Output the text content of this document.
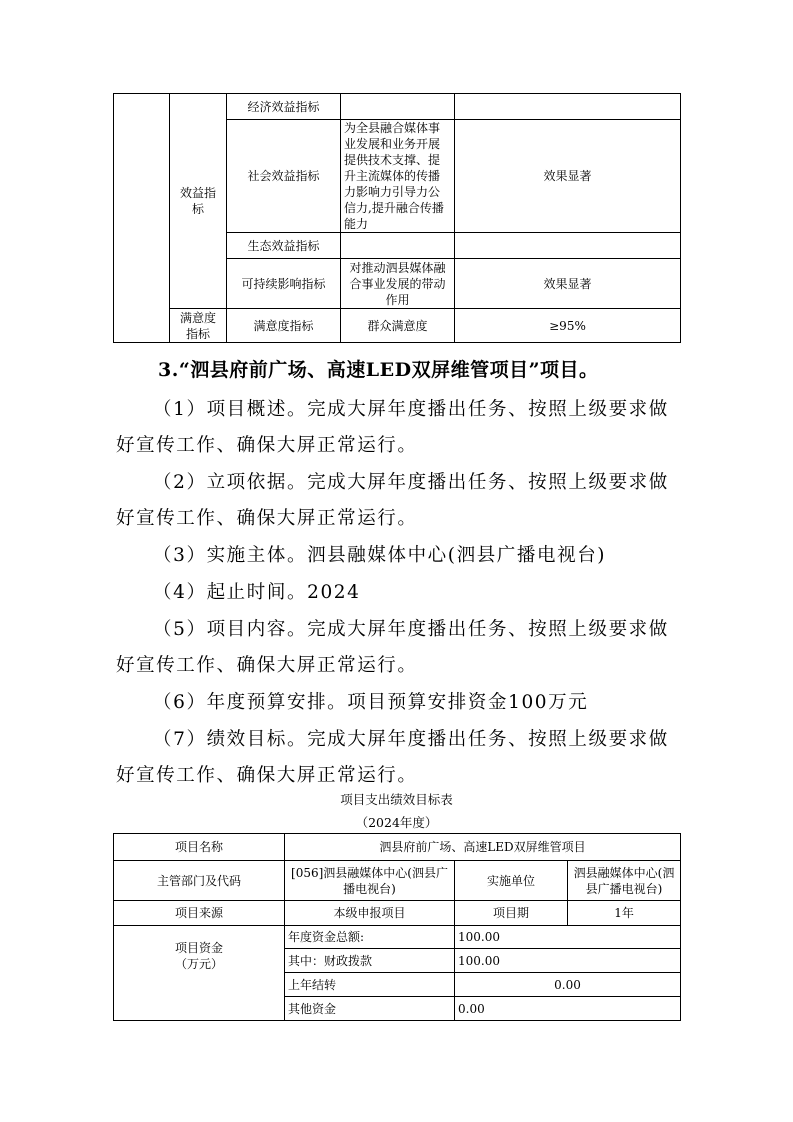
	效益指标	经济效益指标		
		社会效益指标	为全县融合媒体事业发展和业务开展提供技术支撑、提升主流媒体的传播力影响力引导力公信力,提升融合传播能力	效果显著
		生态效益指标		
		可持续影响指标	对推动泗县媒体融合事业发展的带动作用	效果显著
	满意度指标	满意度指标	群众满意度	≥95%
3.“泗县府前广场、高速LED双屏维管项目”项目。

（1）项目概述。完成大屏年度播出任务、按照上级要求做好宣传工作、确保大屏正常运行。

（2）立项依据。完成大屏年度播出任务、按照上级要求做好宣传工作、确保大屏正常运行。

（3）实施主体。泗县融媒体中心(泗县广播电视台)

（4）起止时间。2024

（5）项目内容。完成大屏年度播出任务、按照上级要求做好宣传工作、确保大屏正常运行。

（6）年度预算安排。项目预算安排资金100万元

（7）绩效目标。完成大屏年度播出任务、按照上级要求做好宣传工作、确保大屏正常运行。

项目支出绩效目标表
（2024年度）
项目名称	泗县府前广场、高速LED双屏维管项目		
主管部门及代码	[056]泗县融媒体中心(泗县广播电视台)	实施单位	泗县融媒体中心(泗县广播电视台)
项目来源	本级申报项目	项目期	1年
项目资金
（万元）	年度资金总额:	100.00	
	其中：财政拨款	100.00	
	上年结转	0.00	
	其他资金	0.00	
